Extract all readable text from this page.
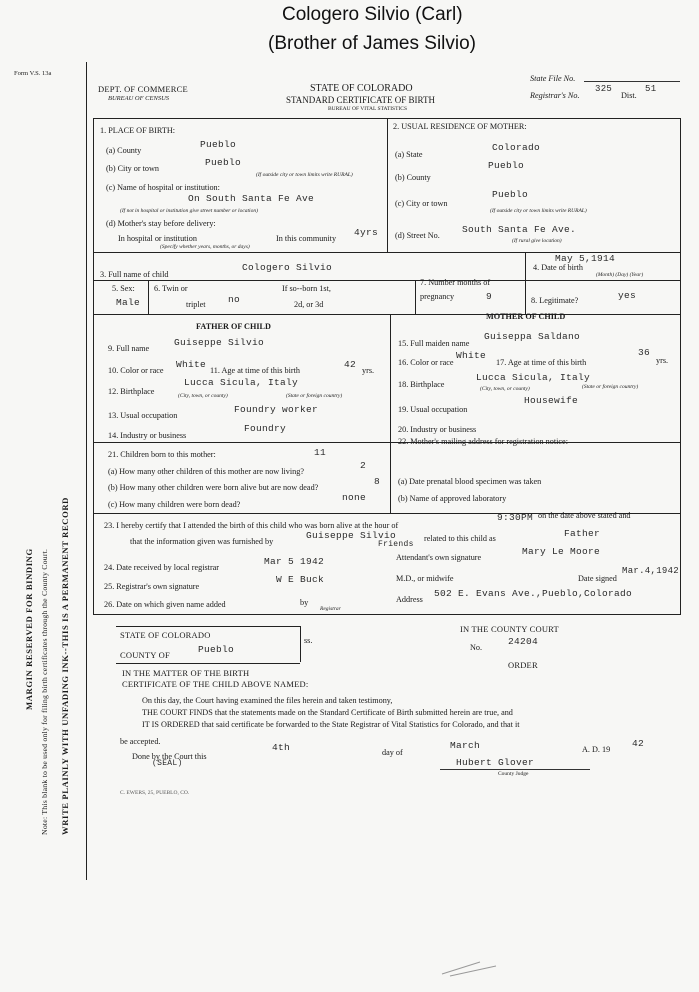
Cologero Silvio (Carl)
(Brother of James Silvio)
MARGIN RESERVED FOR BINDING Note: This blank to be used only for filing birth certificates through the County Court. WRITE PLAINLY WITH UNFADING INK--THIS IS A PERMANENT RECORD
Form V.S. 13a
DEPT. OF COMMERCE
BUREAU OF CENSUS
STATE OF COLORADO
STANDARD CERTIFICATE OF BIRTH
BUREAU OF VITAL STATISTICS
State File No.
Registrar's No.
325
Dist.
51
1. PLACE OF BIRTH:
(a) County
Pueblo
(b) City or town
Pueblo
(If outside city or town limits write RURAL)
(c) Name of hospital or institution:
On South Santa Fe Ave
(If not in hospital or institution give street number or location)
(d) Mother's stay before delivery:
In hospital or institution	In this community
4yrs
(Specify whether years, months, or days)
2. USUAL RESIDENCE OF MOTHER:
(a) State
Colorado
(b) County
Pueblo
(c) City or town
Pueblo
(If outside city or town limits write RURAL)
(d) Street No.
South Santa Fe Ave.
(If rural give location)
3. Full name of child
Cologero Silvio	4. Date of birth
May 5,1914
(Month) (Day) (Year)
5. Sex:
Male
6. Twin or	If so--born 1st,
triplet no	2d, or 3d
7. Number months of pregnancy	9	8. Legitimate?	yes
FATHER OF CHILD
9. Full name
Guiseppe Silvio
10. Color or race
White
11. Age at time of this birth
42
yrs.
12. Birthplace
Lucca Sicula, Italy
(City, town, or county)	(State or foreign country)
13. Usual occupation
Foundry worker
14. Industry or business
Foundry
MOTHER OF CHILD
15. Full maiden name
Guiseppa Saldano
16. Color or race
White
17. Age at time of this birth
36
yrs.
18. Birthplace
Lucca Sicula, Italy
(City, town, or county)	(State or foreign country)
19. Usual occupation
Housewife
20. Industry or business
21. Children born to this mother:	11
(a) How many other children of this mother are now living?
2
(b) How many other children were born alive but are now dead?
8
(c) How many children were born dead?
none
22. Mother's mailing address for registration notice:
(a) Date prenatal blood specimen was taken
(b) Name of approved laboratory
23. I hereby certify that I attended the birth of this child who was born alive at the hour of
9:30PM on the date above stated and
that the information given was furnished by
Guiseppe Silvio
Friends
related to this child as	Father
24. Date received by local registrar
Mar 5 1942
25. Registrar's own signature
W E Buck
26. Date on which given name added	by
Registrar
Attendant's own signature
Mary Le Moore
M.D., or midwife	Date signed
Mar.4,1942
Address
502 E. Evans Ave.,Pueblo,Colorado
STATE OF COLORADO
ss.
COUNTY OF	Pueblo
IN THE COUNTY COURT
No.
24204
ORDER
IN THE MATTER OF THE BIRTH
CERTIFICATE OF THE CHILD ABOVE NAMED:
On this day, the Court having examined the files herein and taken testimony,
THE COURT FINDS that the statements made on the Standard Certificate of Birth submitted herein are true, and
IT IS ORDERED that said certificate be forwarded to the State Registrar of Vital Statistics for Colorado, and that it
be accepted.
Done by the Court this
4th	day of
March	A. D. 19
42
(SEAL)	Hubert Glover
County Judge
C. EWERS, 25, PUEBLO, CO.
